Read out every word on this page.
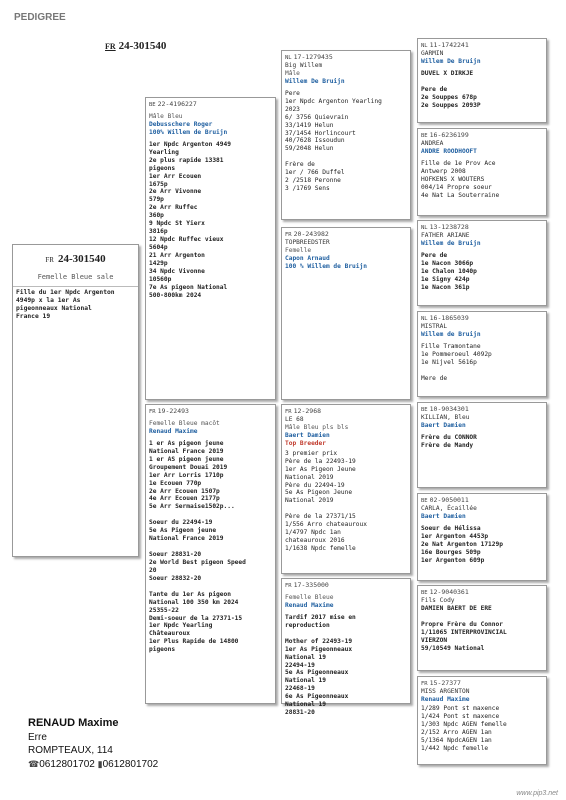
PEDIGREE
FR 24-301540
FR 24-301540
Femelle Bleue sale
Fille du 1er Npdc Argenton
4949p x la 1er As
pigeonneaux National
France 19
BE 22-4196227
Mâle Bleu
Debusschere Roger
100% Willem de Bruijn
1er Npdc Argenton 4949
Yearling
2e plus rapide 13381
pigeons
1er Arr Ecouen
1675p
2e Arr Vivonne
579p
2e Arr Ruffec
360p
9 Npdc St Yierx
3816p
12 Npdc Ruffec vieux
5604p
21 Arr Argenton
1429p
34 Npdc Vivonne
10560p
7e As pigeon National
500-800km 2024
FR 19-22493
Femelle Bleue macôt
Renaud Maxime
1 er As pigeon jeune
National France 2019
1 er AS pigeon jeune
Groupement Douai 2019
1er Arr Lorris 1710p
1e Ecouen 770p
2e Arr Ecouen 1507p
4e Arr Ecouen 2177p
5e Arr Sermaise1502p...

Soeur du 22494-19
5e As Pigeon jeune
National France 2019

Soeur 28831-20
2e World Best pigeon Speed
20
Soeur 28832-20

Tante du 1er As pigeon
National 100 350 km 2024
25355-22
Demi-soeur de la 27371-15
1er Npdc Yearling
Châteauroux
1er Plus Rapide de 14800
pigeons
NL 17-1279435
Big Willem
Mâle
Willem De Bruijn
Pere
1er Npdc Argenton Yearling
2023
6/ 3756 Quievrain
33/1419 Helun
37/1454 Horlincourt
40/7628 Issoudun
59/2048 Helun

Frère de
1er / 766 Duffel
2 /2518 Peronne
3 /1769 Sens
FR 20-243982
TOPBREEDSTER
Femelle
Capon Arnaud
100 % Willem de Bruijn
FR 12-2968
LE 68
Mâle Bleu pls bls
Baert Damien
Top Breeder
3 premier prix
Père de la 22493-19
1er As Pigeon Jeune
National 2019
Père du 22494-19
5e As Pigeon Jeune
National 2019

Père de la 27371/15
1/556 Arro chateauroux
1/4797 Npdc 1an
chateauroux 2016
1/1638 Npdc femelle
FR 17-335000
Femelle Bleue
Renaud Maxime
Tardif 2017 mise en
reproduction

Mother of 22493-19
1er As Pigeonneaux
National 19
22494-19
5e As Pigeonneaux
National 19
22468-19
6e As Pigeonneaux
National 19
28831-20
NL 11-1742241
GARMIN
Willem De Bruijn
DUVEL X DIRKJE

Pere de
2e Souppes 678p
2e Souppes 2093P
BE 16-6236199
ANDREA
ANDRE ROODHOOFT
Fille de 1e Prov Ace
Antwerp 2008
HOFKENS X WOUTERS
004/14 Propre soeur
4e Nat La Souterraine
NL 13-1238728
FATHER ARIANE
Willem de Bruijn
Pere de
1e Nacon 3066p
1e Chalon 1040p
1e Signy 424p
1e Nacon 361p
NL 16-1865039
MISTRAL
Willem de Bruijn
Fille Tramontane
1e Pommeroeul 4092p
1e Nijvel 5616p

Mere de
BE 10-9034301
KILLIAN, Bleu
Baert Damien
Frère du CONNOR
Frère de Mandy
BE 02-9050011
CARLA, Écaillée
Baert Damien
Soeur de Hélissa
1er Argenton 4453p
2e Nat Argenton 17129p
16e Bourges 509p
1er Argenton 609p
BE 12-9040361
Fils Cody
DAMIEN BAERT DE ERE

Propre Frère du Connor
1/11065 INTERPROVINCIAL
VIERZON
59/10549 National
FR 15-27377
MISS ARGENTON
Renaud Maxime
1/289 Pont st maxence
1/424 Pont st maxence
1/303 Npdc AGEN femelle
2/152 Arro AGEN 1an
5/1364 NpdcAGEN 1an
1/442 Npdc femelle
RENAUD Maxime
Erre
ROMPTEAUX, 114
☎0612801702 ▮0612801702
www.pip3.net
